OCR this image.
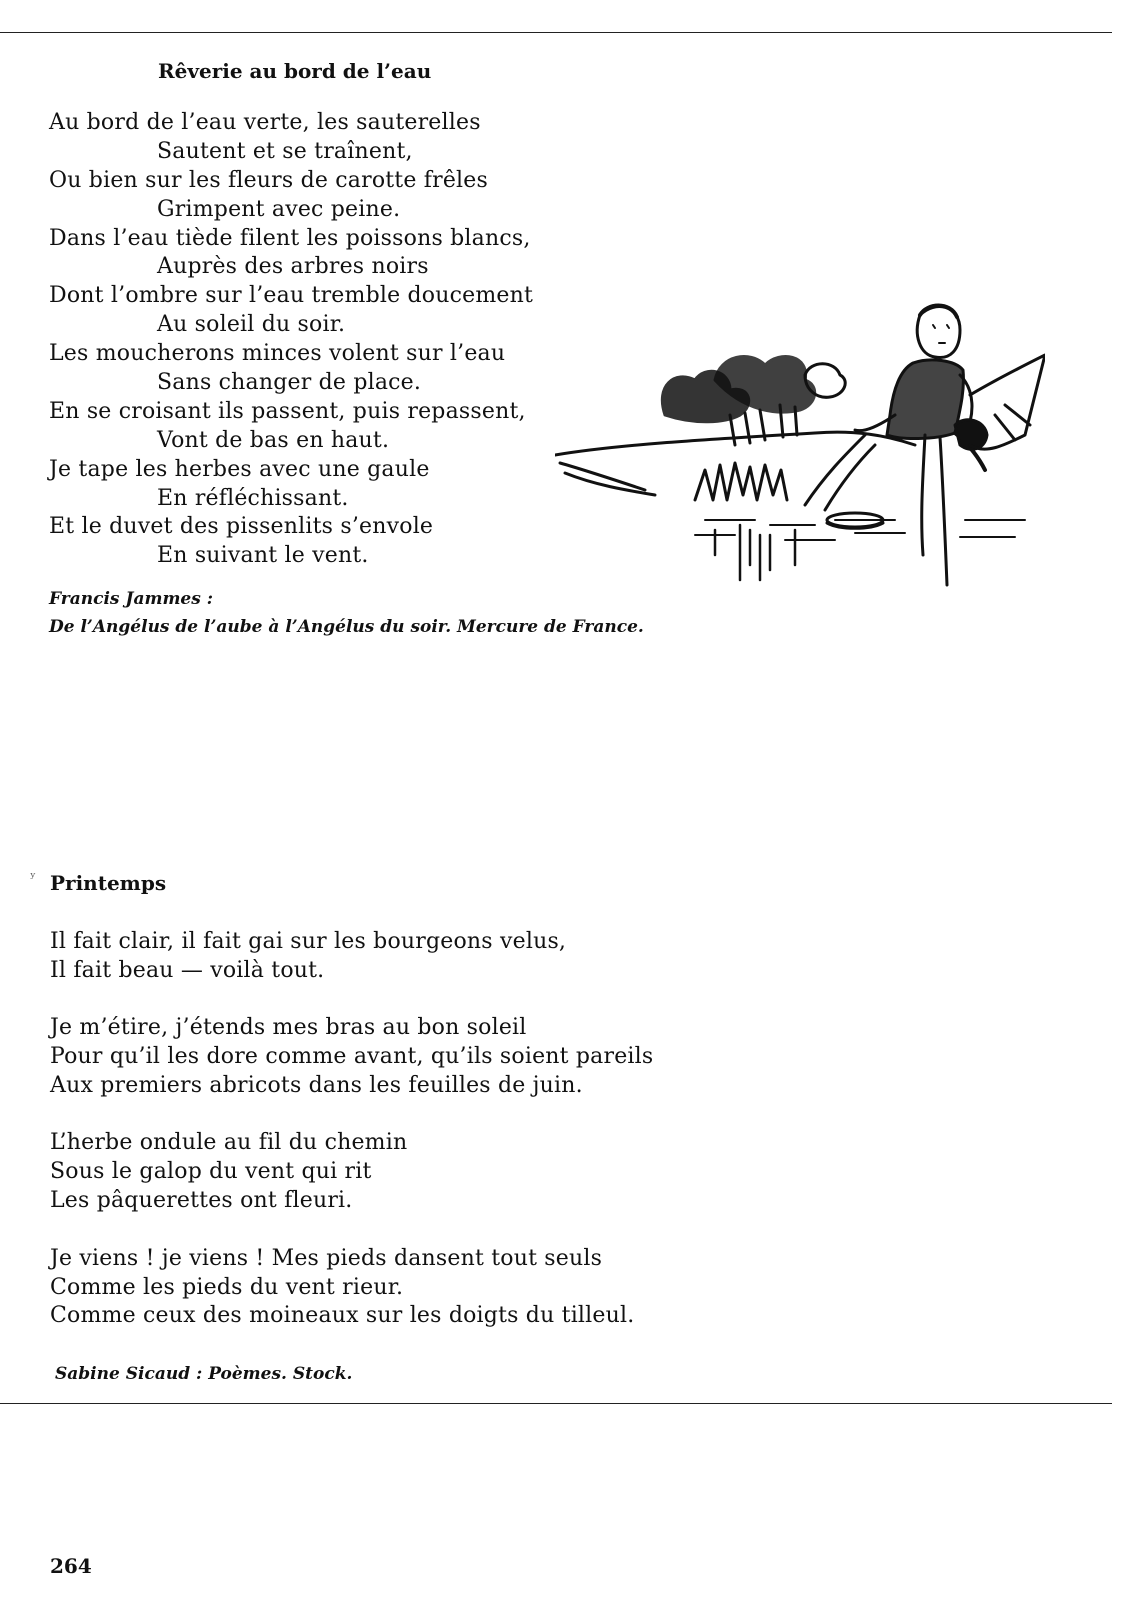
Rêverie au bord de l’eau
Au bord de l’eau verte, les sauterelles
Sautent et se traînent,
Ou bien sur les fleurs de carotte frêles
Grimpent avec peine.
Dans l’eau tiède filent les poissons blancs,
Auprès des arbres noirs
Dont l’ombre sur l’eau tremble doucement
Au soleil du soir.
Les moucherons minces volent sur l’eau
Sans changer de place.
En se croisant ils passent, puis repassent,
Vont de bas en haut.
Je tape les herbes avec une gaule
En réfléchissant.
Et le duvet des pissenlits s’envole
En suivant le vent.
Francis Jammes :
De l’Angélus de l’aube à l’Angélus du soir. Mercure de France.
ʸ Printemps
Il fait clair, il fait gai sur les bourgeons velus,
Il fait beau — voilà tout.
Je m’étire, j’étends mes bras au bon soleil
Pour qu’il les dore comme avant, qu’ils soient pareils
Aux premiers abricots dans les feuilles de juin.
L’herbe ondule au fil du chemin
Sous le galop du vent qui rit
Les pâquerettes ont fleuri.
Je viens ! je viens ! Mes pieds dansent tout seuls
Comme les pieds du vent rieur.
Comme ceux des moineaux sur les doigts du tilleul.
Sabine Sicaud : Poèmes. Stock.
264
